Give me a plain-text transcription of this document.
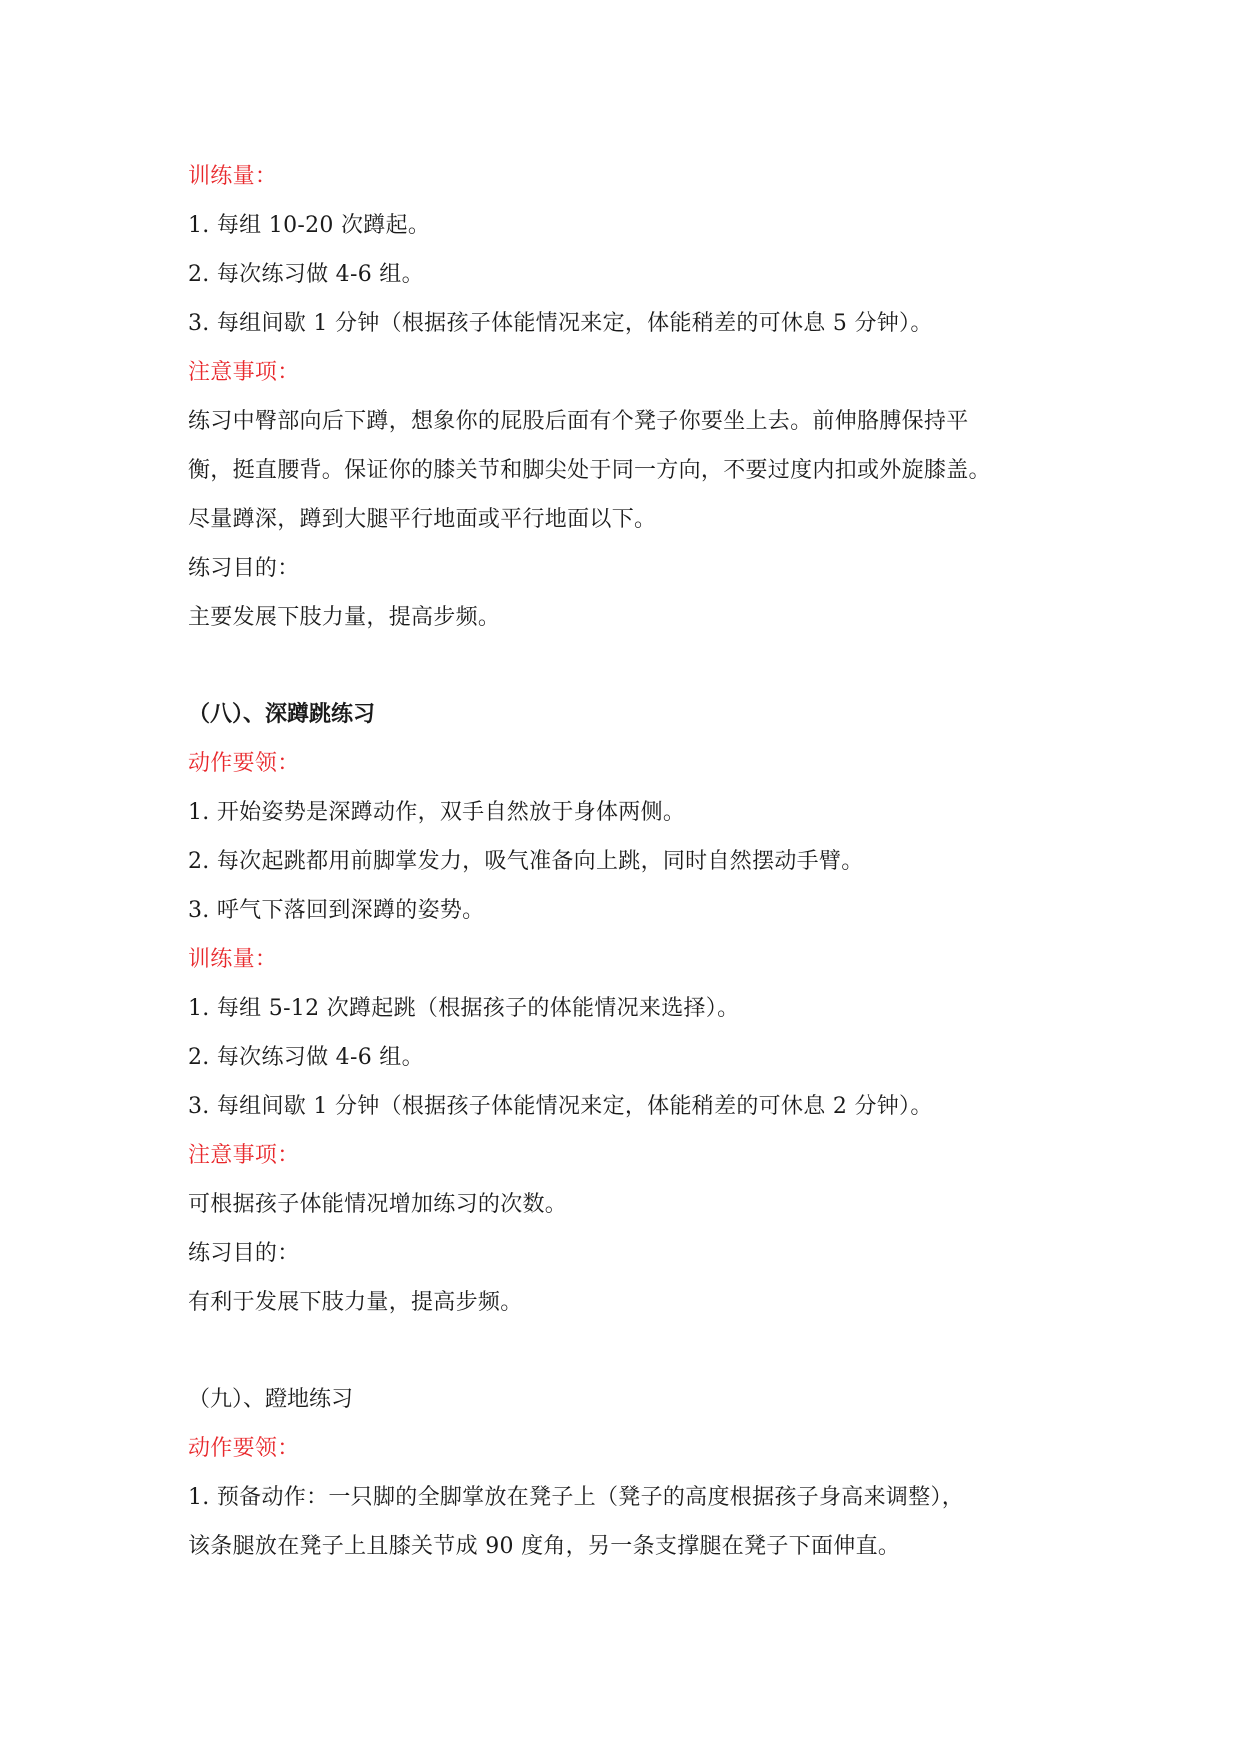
训练量：
1. 每组 10-20 次蹲起。
2. 每次练习做 4-6 组。
3. 每组间歇 1 分钟（根据孩子体能情况来定，体能稍差的可休息 5 分钟）。
注意事项：
练习中臀部向后下蹲，想象你的屁股后面有个凳子你要坐上去。前伸胳膊保持平
衡，挺直腰背。保证你的膝关节和脚尖处于同一方向，不要过度内扣或外旋膝盖。
尽量蹲深，蹲到大腿平行地面或平行地面以下。
练习目的：
主要发展下肢力量，提高步频。
（八）、深蹲跳练习
动作要领：
1. 开始姿势是深蹲动作，双手自然放于身体两侧。
2. 每次起跳都用前脚掌发力，吸气准备向上跳，同时自然摆动手臂。
3. 呼气下落回到深蹲的姿势。
训练量：
1. 每组 5-12 次蹲起跳（根据孩子的体能情况来选择）。
2. 每次练习做 4-6 组。
3. 每组间歇 1 分钟（根据孩子体能情况来定，体能稍差的可休息 2 分钟）。
注意事项：
可根据孩子体能情况增加练习的次数。
练习目的：
有利于发展下肢力量，提高步频。
（九）、蹬地练习
动作要领：
1. 预备动作：一只脚的全脚掌放在凳子上（凳子的高度根据孩子身高来调整），
该条腿放在凳子上且膝关节成 90 度角，另一条支撑腿在凳子下面伸直。
